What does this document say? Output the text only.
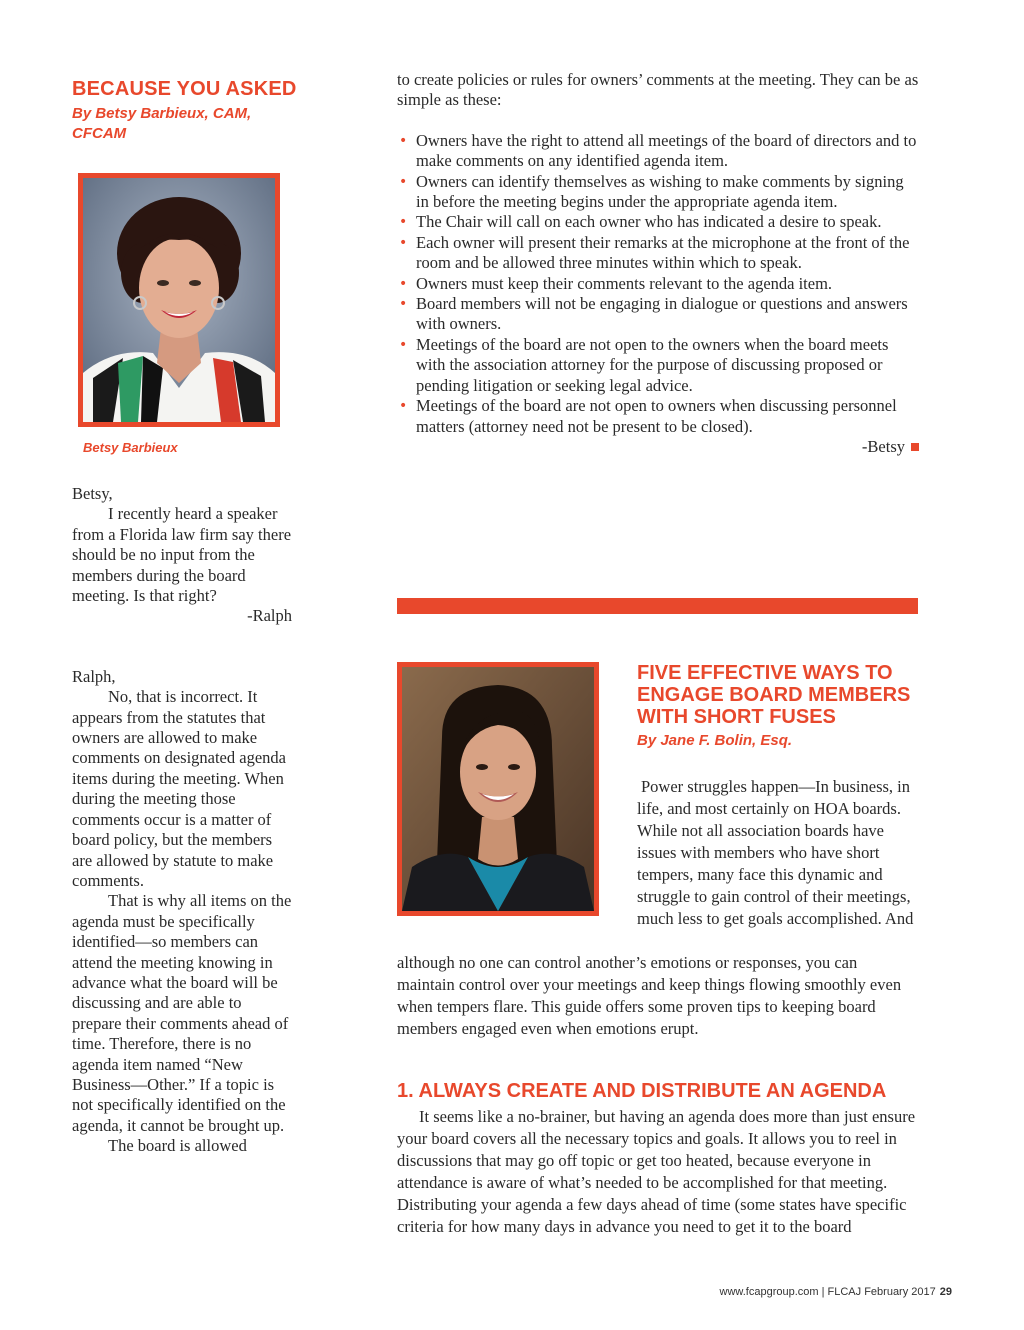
BECAUSE YOU ASKED
By Betsy Barbieux, CAM, CFCAM
Betsy Barbieux

Betsy,

I recently heard a speaker from a Florida law firm say there should be no input from the members during the board meeting. Is that right?

-Ralph

Ralph,

No, that is incorrect. It appears from the statutes that owners are allowed to make comments on designated agenda items during the meeting. When during the meeting those comments occur is a matter of board policy, but the members are allowed by statute to make comments.

That is why all items on the agenda must be specifically identified—so members can attend the meeting knowing in advance what the board will be discussing and are able to prepare their comments ahead of time. Therefore, there is no agenda item named “New Business—Other.” If a topic is not specifically identified on the agenda, it cannot be brought up.

The board is allowed

to create policies or rules for owners’ comments at the meeting. They can be as simple as these:

• Owners have the right to attend all meetings of the board of directors and to make comments on any identified agenda item.
• Owners can identify themselves as wishing to make comments by signing in before the meeting begins under the appropriate agenda item.
• The Chair will call on each owner who has indicated a desire to speak.
• Each owner will present their remarks at the microphone at the front of the room and be allowed three minutes within which to speak.
• Owners must keep their comments relevant to the agenda item.
• Board members will not be engaging in dialogue or questions and answers with owners.
• Meetings of the board are not open to the owners when the board meets with the association attorney for the purpose of discussing proposed or pending litigation or seeking legal advice.
• Meetings of the board are not open to owners when discussing personnel matters (attorney need not be present to be closed).

-Betsy

FIVE EFFECTIVE WAYS TO ENGAGE BOARD MEMBERS WITH SHORT FUSES
By Jane F. Bolin, Esq.

Power struggles happen—In business, in life, and most certainly on HOA boards. While not all association boards have issues with members who have short tempers, many face this dynamic and struggle to gain control of their meetings, much less to get goals accomplished. And

although no one can control another’s emotions or responses, you can maintain control over your meetings and keep things flowing smoothly even when tempers flare. This guide offers some proven tips to keeping board members engaged even when emotions erupt.

1. ALWAYS CREATE AND DISTRIBUTE AN AGENDA

It seems like a no-brainer, but having an agenda does more than just ensure your board covers all the necessary topics and goals. It allows you to reel in discussions that may go off topic or get too heated, because everyone in attendance is aware of what’s needed to be accomplished for that meeting. Distributing your agenda a few days ahead of time (some states have specific criteria for how many days in advance you need to get it to the board

www.fcapgroup.com | FLCAJ February 2017 29
